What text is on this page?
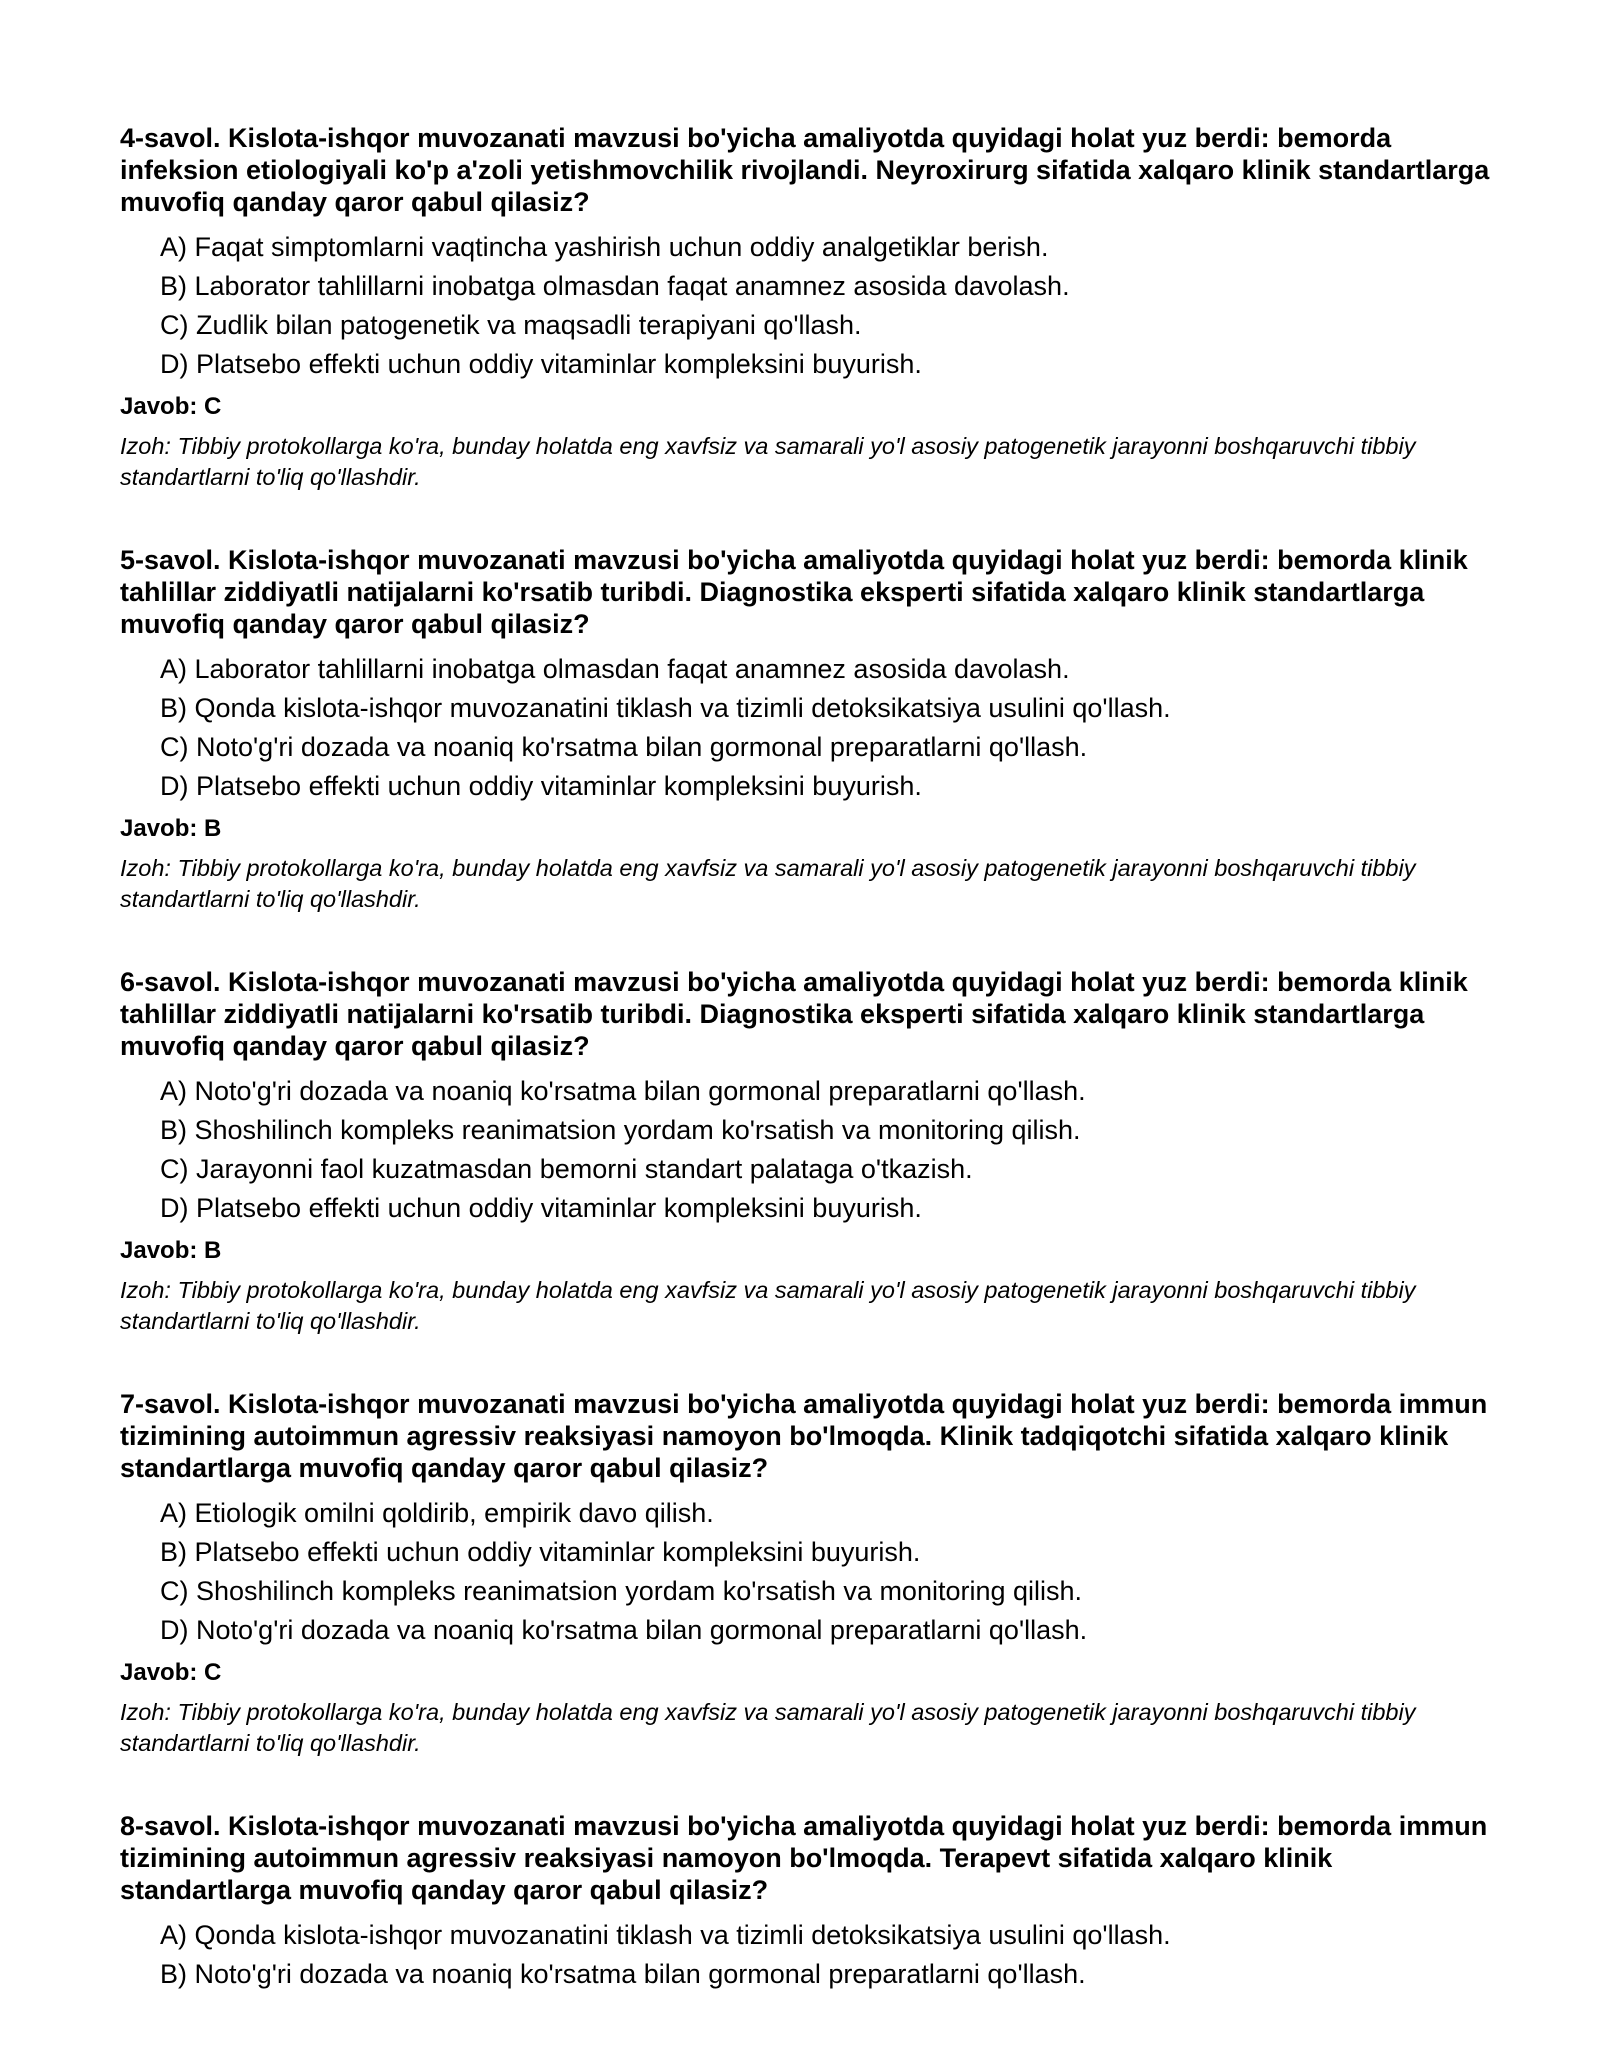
4-savol. Kislota-ishqor muvozanati mavzusi bo'yicha amaliyotda quyidagi holat yuz berdi: bemorda infeksion etiologiyali ko'p a'zoli yetishmovchilik rivojlandi. Neyroxirurg sifatida xalqaro klinik standartlarga muvofiq qanday qaror qabul qilasiz?
A) Faqat simptomlarni vaqtincha yashirish uchun oddiy analgetiklar berish.
B) Laborator tahlillarni inobatga olmasdan faqat anamnez asosida davolash.
C) Zudlik bilan patogenetik va maqsadli terapiyani qo'llash.
D) Platsebo effekti uchun oddiy vitaminlar kompleksini buyurish.
Javob: C
Izoh: Tibbiy protokollarga ko'ra, bunday holatda eng xavfsiz va samarali yo'l asosiy patogenetik jarayonni boshqaruvchi tibbiy standartlarni to'liq qo'llashdir.
5-savol. Kislota-ishqor muvozanati mavzusi bo'yicha amaliyotda quyidagi holat yuz berdi: bemorda klinik tahlillar ziddiyatli natijalarni ko'rsatib turibdi. Diagnostika eksperti sifatida xalqaro klinik standartlarga muvofiq qanday qaror qabul qilasiz?
A) Laborator tahlillarni inobatga olmasdan faqat anamnez asosida davolash.
B) Qonda kislota-ishqor muvozanatini tiklash va tizimli detoksikatsiya usulini qo'llash.
C) Noto'g'ri dozada va noaniq ko'rsatma bilan gormonal preparatlarni qo'llash.
D) Platsebo effekti uchun oddiy vitaminlar kompleksini buyurish.
Javob: B
Izoh: Tibbiy protokollarga ko'ra, bunday holatda eng xavfsiz va samarali yo'l asosiy patogenetik jarayonni boshqaruvchi tibbiy standartlarni to'liq qo'llashdir.
6-savol. Kislota-ishqor muvozanati mavzusi bo'yicha amaliyotda quyidagi holat yuz berdi: bemorda klinik tahlillar ziddiyatli natijalarni ko'rsatib turibdi. Diagnostika eksperti sifatida xalqaro klinik standartlarga muvofiq qanday qaror qabul qilasiz?
A) Noto'g'ri dozada va noaniq ko'rsatma bilan gormonal preparatlarni qo'llash.
B) Shoshilinch kompleks reanimatsion yordam ko'rsatish va monitoring qilish.
C) Jarayonni faol kuzatmasdan bemorni standart palataga o'tkazish.
D) Platsebo effekti uchun oddiy vitaminlar kompleksini buyurish.
Javob: B
Izoh: Tibbiy protokollarga ko'ra, bunday holatda eng xavfsiz va samarali yo'l asosiy patogenetik jarayonni boshqaruvchi tibbiy standartlarni to'liq qo'llashdir.
7-savol. Kislota-ishqor muvozanati mavzusi bo'yicha amaliyotda quyidagi holat yuz berdi: bemorda immun tizimining autoimmun agressiv reaksiyasi namoyon bo'lmoqda. Klinik tadqiqotchi sifatida xalqaro klinik standartlarga muvofiq qanday qaror qabul qilasiz?
A) Etiologik omilni qoldirib, empirik davo qilish.
B) Platsebo effekti uchun oddiy vitaminlar kompleksini buyurish.
C) Shoshilinch kompleks reanimatsion yordam ko'rsatish va monitoring qilish.
D) Noto'g'ri dozada va noaniq ko'rsatma bilan gormonal preparatlarni qo'llash.
Javob: C
Izoh: Tibbiy protokollarga ko'ra, bunday holatda eng xavfsiz va samarali yo'l asosiy patogenetik jarayonni boshqaruvchi tibbiy standartlarni to'liq qo'llashdir.
8-savol. Kislota-ishqor muvozanati mavzusi bo'yicha amaliyotda quyidagi holat yuz berdi: bemorda immun tizimining autoimmun agressiv reaksiyasi namoyon bo'lmoqda. Terapevt sifatida xalqaro klinik standartlarga muvofiq qanday qaror qabul qilasiz?
A) Qonda kislota-ishqor muvozanatini tiklash va tizimli detoksikatsiya usulini qo'llash.
B) Noto'g'ri dozada va noaniq ko'rsatma bilan gormonal preparatlarni qo'llash.
